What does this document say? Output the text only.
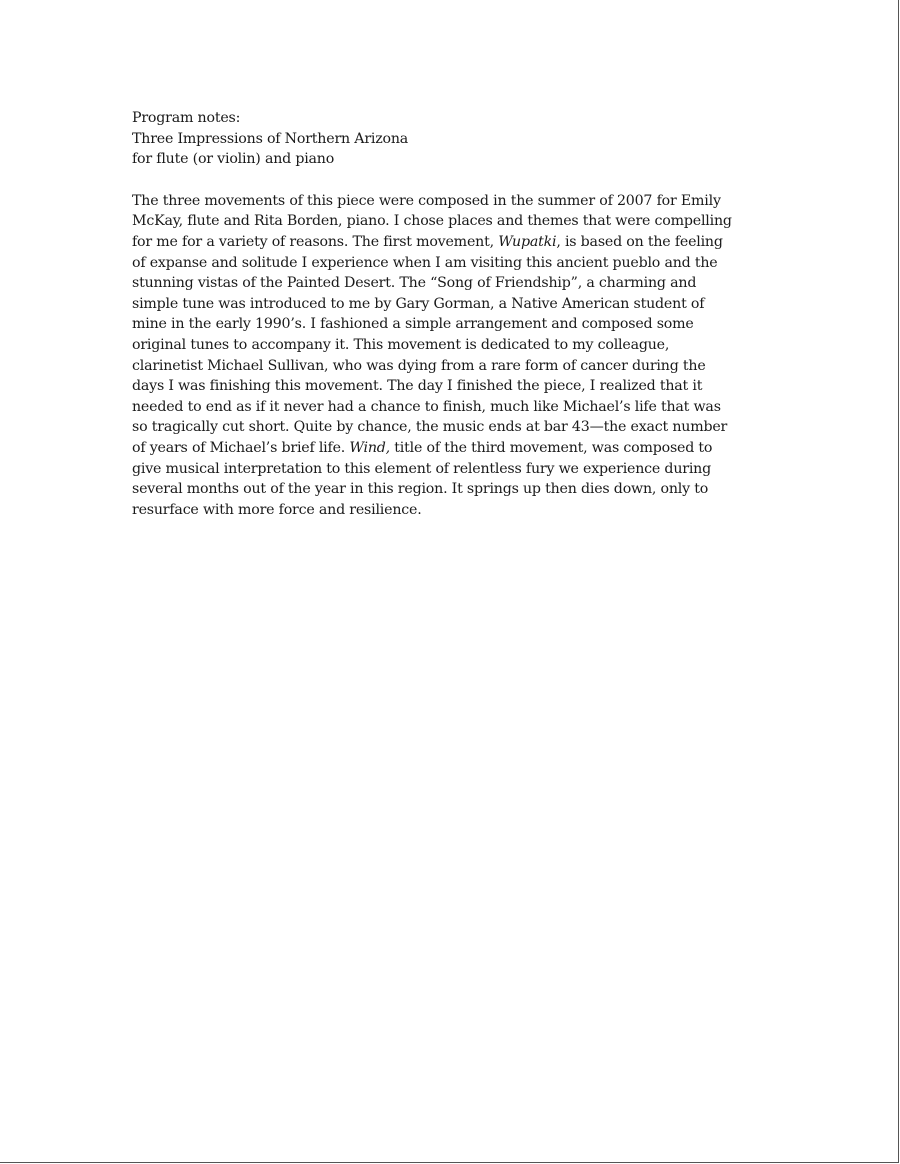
Program notes:
Three Impressions of Northern Arizona
for flute (or violin) and piano
The three movements of this piece were composed in the summer of 2007 for Emily
McKay, flute and Rita Borden, piano. I chose places and themes that were compelling
for me for a variety of reasons. The first movement, Wupatki, is based on the feeling
of expanse and solitude I experience when I am visiting this ancient pueblo and the
stunning vistas of the Painted Desert. The “Song of Friendship”, a charming and
simple tune was introduced to me by Gary Gorman, a Native American student of
mine in the early 1990’s. I fashioned a simple arrangement and composed some
original tunes to accompany it. This movement is dedicated to my colleague,
clarinetist Michael Sullivan, who was dying from a rare form of cancer during the
days I was finishing this movement. The day I finished the piece, I realized that it
needed to end as if it never had a chance to finish, much like Michael’s life that was
so tragically cut short. Quite by chance, the music ends at bar 43—the exact number
of years of Michael’s brief life. Wind, title of the third movement, was composed to
give musical interpretation to this element of relentless fury we experience during
several months out of the year in this region. It springs up then dies down, only to
resurface with more force and resilience.
